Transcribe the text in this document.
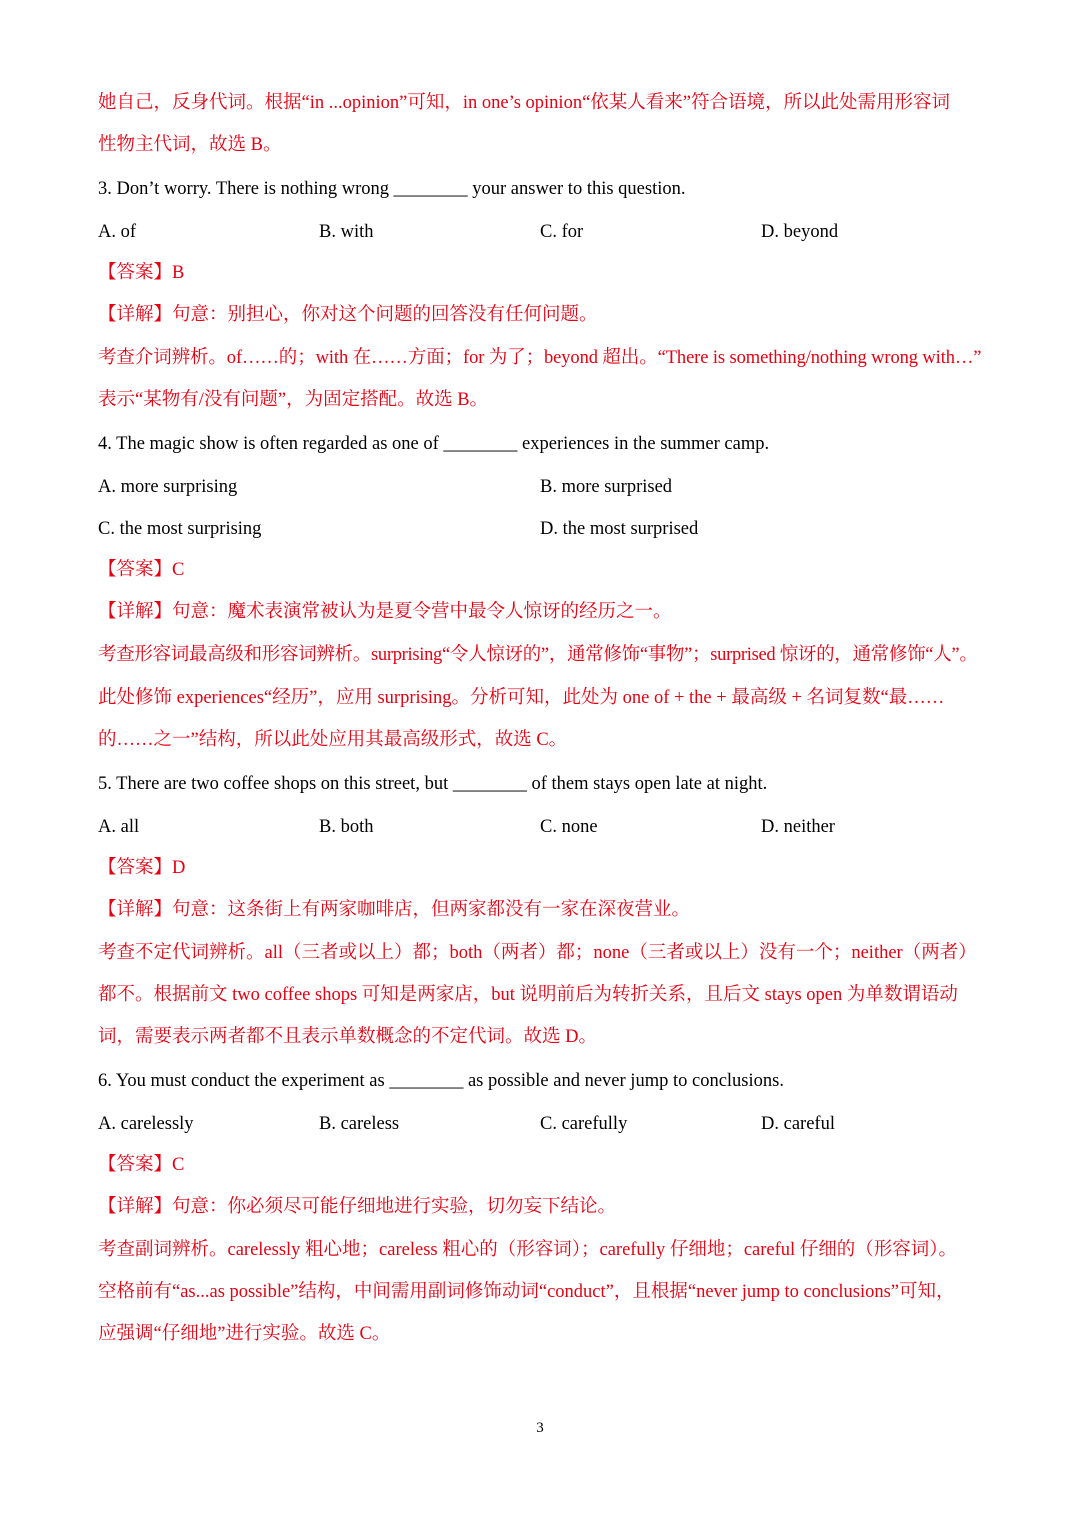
她自己，反身代词。根据“in ...opinion”可知，in one’s opinion“依某人看来”符合语境，所以此处需用形容词
性物主代词，故选 B。
3. Don’t worry. There is nothing wrong ________ your answer to this question.
A. of	B. with	C. for	D. beyond
【答案】B
【详解】句意：别担心，你对这个问题的回答没有任何问题。
考查介词辨析。of……的；with 在……方面；for 为了；beyond 超出。“There is something/nothing wrong with…”
表示“某物有/没有问题”，为固定搭配。故选 B。
4. The magic show is often regarded as one of ________ experiences in the summer camp.
A. more surprising	B. more surprised
C. the most surprising	D. the most surprised
【答案】C
【详解】句意：魔术表演常被认为是夏令营中最令人惊讶的经历之一。
考查形容词最高级和形容词辨析。surprising“令人惊讶的”，通常修饰“事物”；surprised 惊讶的，通常修饰“人”。
此处修饰 experiences“经历”，应用 surprising。分析可知，此处为 one of + the + 最高级 + 名词复数“最……
的……之一”结构，所以此处应用其最高级形式，故选 C。
5. There are two coffee shops on this street, but ________ of them stays open late at night.
A. all	B. both	C. none	D. neither
【答案】D
【详解】句意：这条街上有两家咖啡店，但两家都没有一家在深夜营业。
考查不定代词辨析。all（三者或以上）都；both（两者）都；none（三者或以上）没有一个；neither（两者）
都不。根据前文 two coffee shops 可知是两家店，but 说明前后为转折关系，且后文 stays open 为单数谓语动
词，需要表示两者都不且表示单数概念的不定代词。故选 D。
6. You must conduct the experiment as ________ as possible and never jump to conclusions.
A. carelessly	B. careless	C. carefully	D. careful
【答案】C
【详解】句意：你必须尽可能仔细地进行实验，切勿妄下结论。
考查副词辨析。carelessly 粗心地；careless 粗心的（形容词）；carefully 仔细地；careful 仔细的（形容词）。
空格前有“as...as possible”结构，中间需用副词修饰动词“conduct”，且根据“never jump to conclusions”可知，
应强调“仔细地”进行实验。故选 C。
3
